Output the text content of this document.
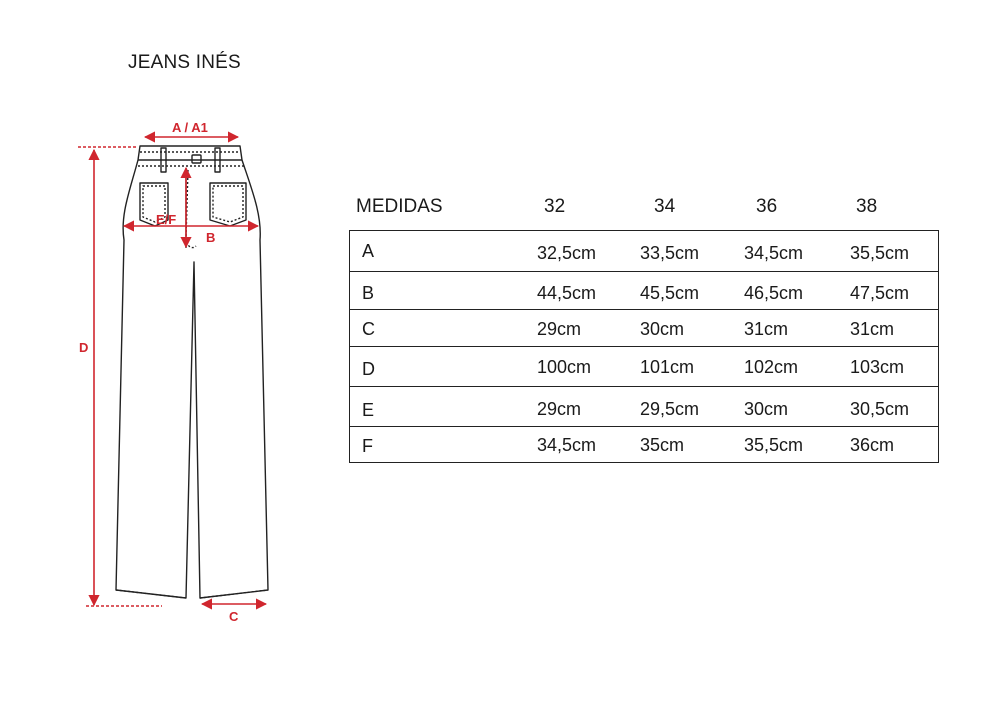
JEANS INÉS
A / A1
E/F
B
D
C
MEDIDAS	32	34	36	38
A	32,5cm 33,5cm 34,5cm	35,5cm
B	44,5cm 45,5cm 46,5cm	47,5cm
C	29cm	30cm	31cm	31cm
D	100cm	101cm	102cm	103cm
E	29cm	29,5cm 30cm	30,5cm
F	34,5cm 35cm	35,5cm	36cm
